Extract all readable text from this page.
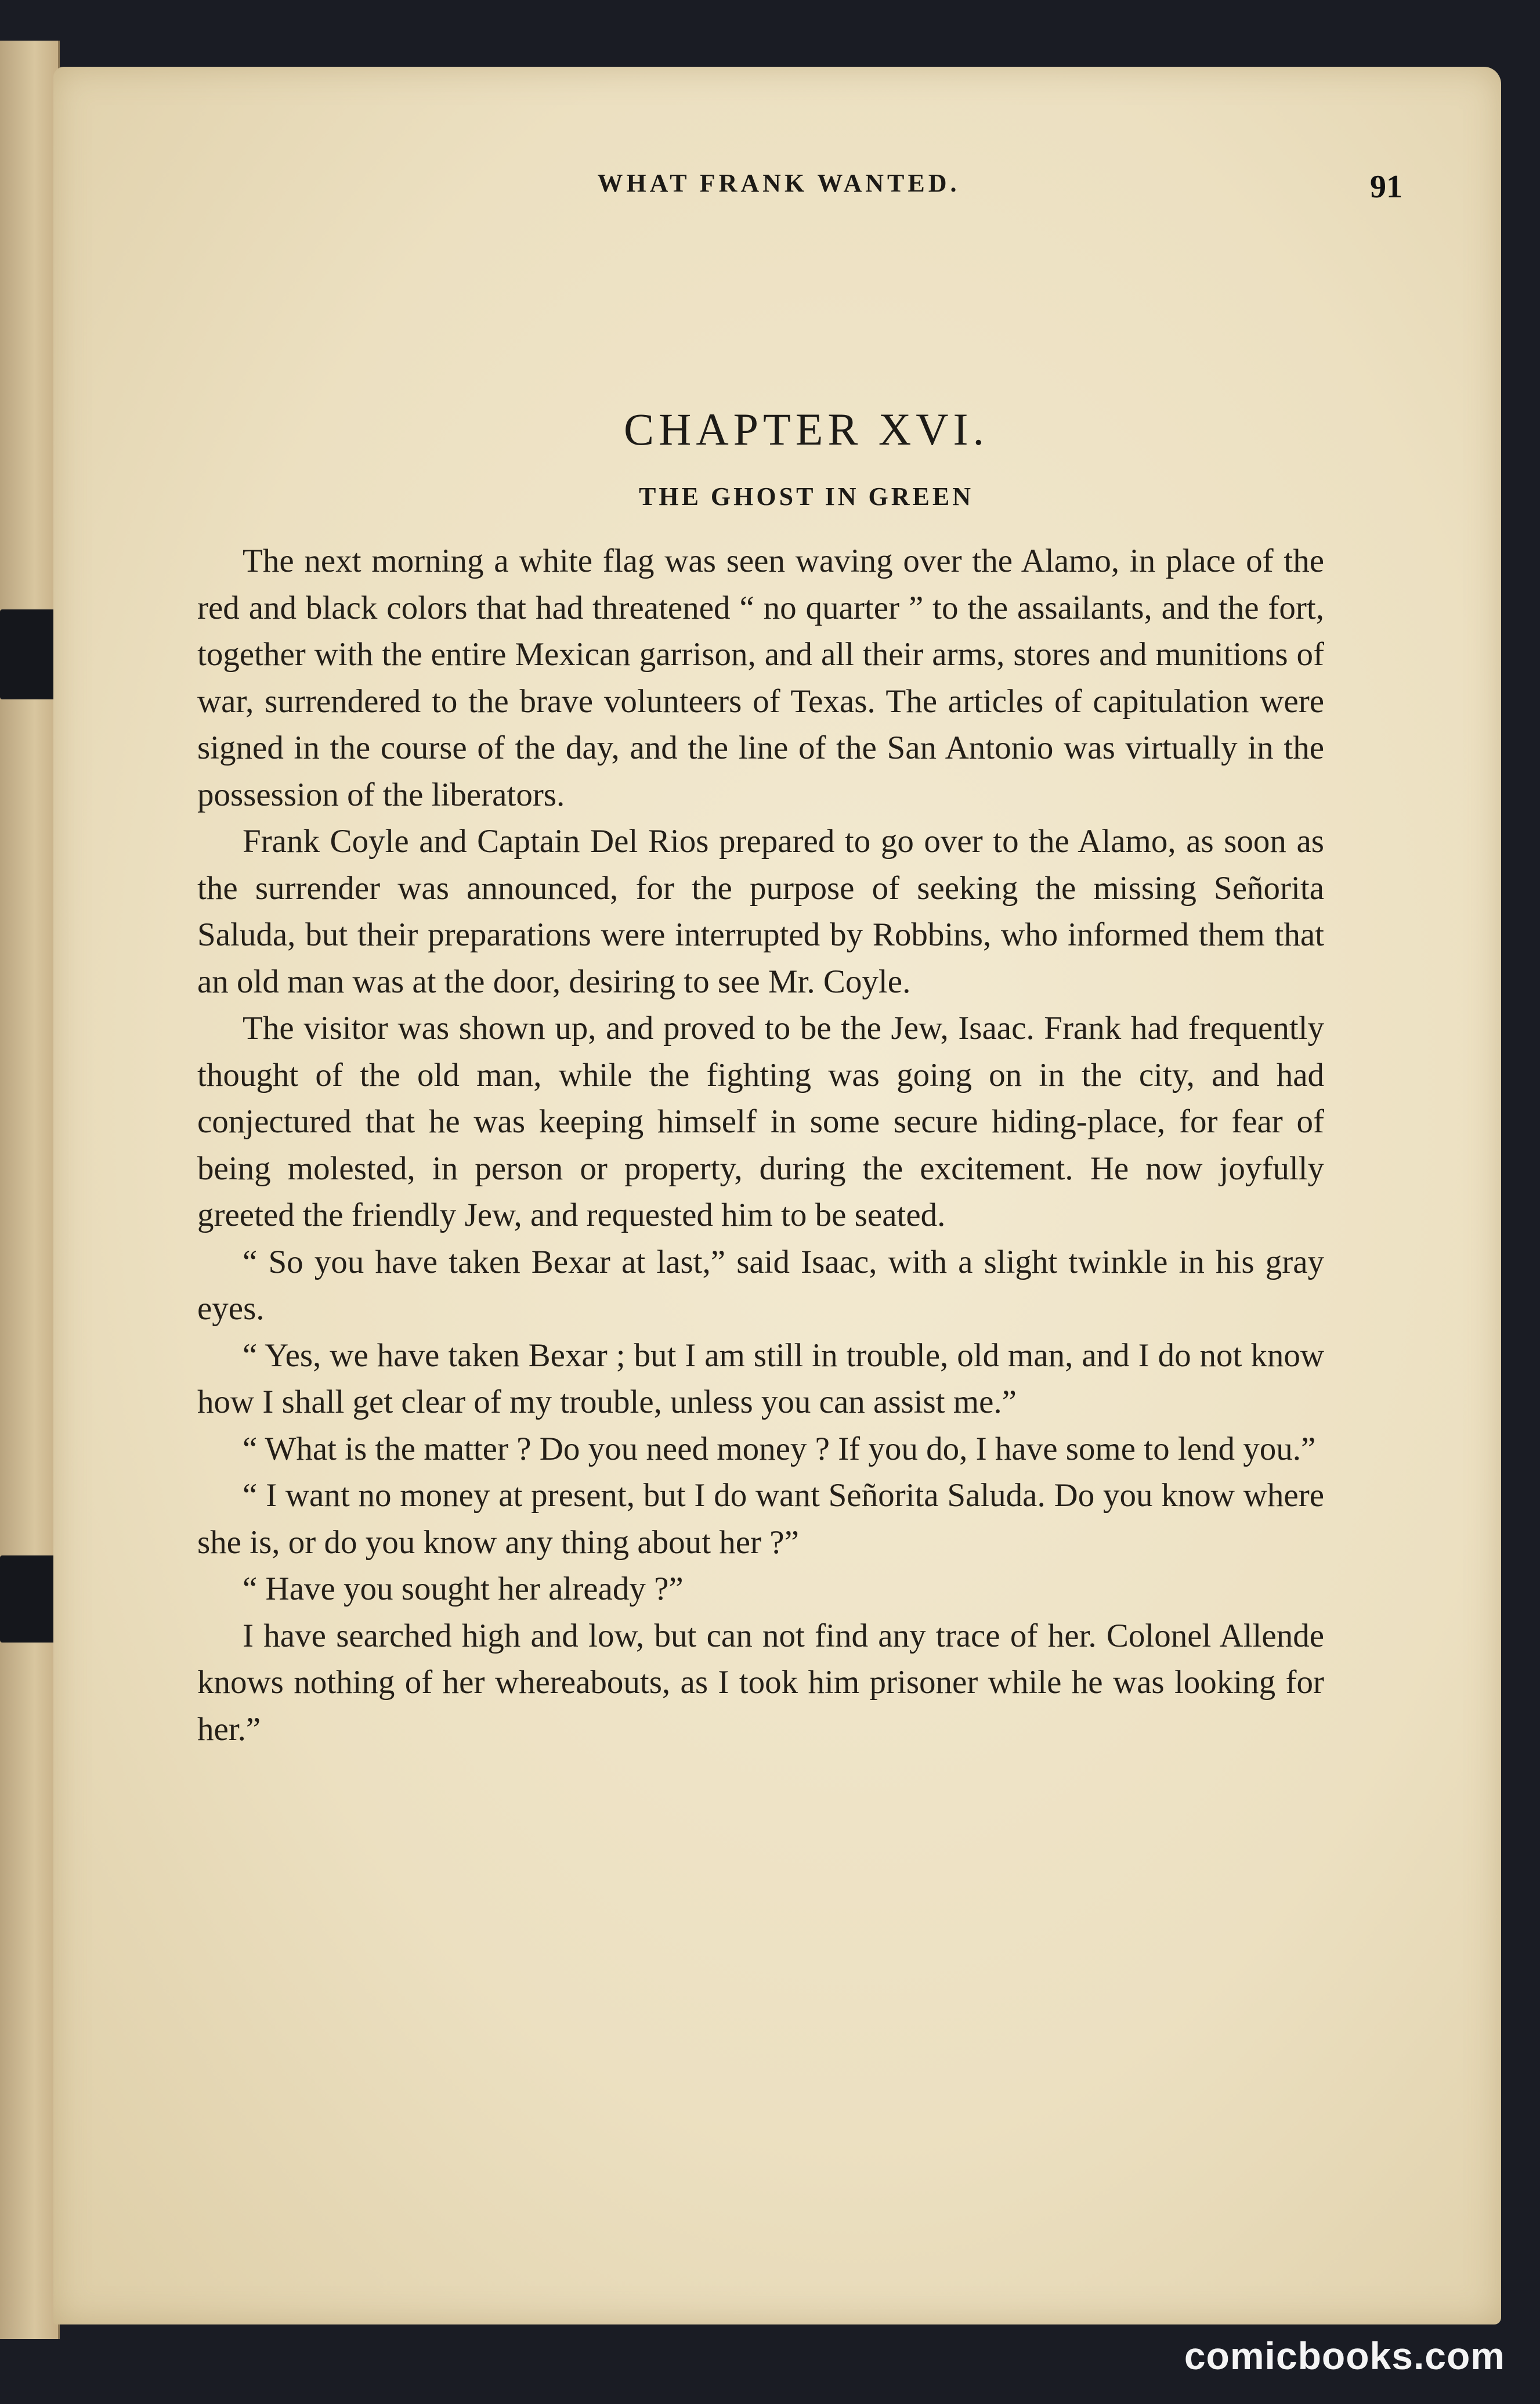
WHAT FRANK WANTED.	91
CHAPTER XVI.
THE GHOST IN GREEN

The next morning a white flag was seen waving over the Alamo, in place of the red and black colors that had threatened “ no quarter ” to the assailants, and the fort, together with the entire Mexican garrison, and all their arms, stores and munitions of war, surrendered to the brave volunteers of Texas. The articles of capitulation were signed in the course of the day, and the line of the San Antonio was virtually in the possession of the liberators.

Frank Coyle and Captain Del Rios prepared to go over to the Alamo, as soon as the surrender was announced, for the purpose of seeking the missing Señorita Saluda, but their preparations were interrupted by Robbins, who informed them that an old man was at the door, desiring to see Mr. Coyle.

The visitor was shown up, and proved to be the Jew, Isaac. Frank had frequently thought of the old man, while the fighting was going on in the city, and had conjectured that he was keeping himself in some secure hiding-place, for fear of being molested, in person or property, during the excitement. He now joyfully greeted the friendly Jew, and requested him to be seated.

“ So you have taken Bexar at last,” said Isaac, with a slight twinkle in his gray eyes.

“ Yes, we have taken Bexar ; but I am still in trouble, old man, and I do not know how I shall get clear of my trouble, unless you can assist me.”

“ What is the matter ? Do you need money ? If you do, I have some to lend you.”

“ I want no money at present, but I do want Señorita Saluda. Do you know where she is, or do you know any thing about her ?”

“ Have you sought her already ?”

I have searched high and low, but can not find any trace of her. Colonel Allende knows nothing of her whereabouts, as I took him prisoner while he was looking for her.”

comicbooks.com
